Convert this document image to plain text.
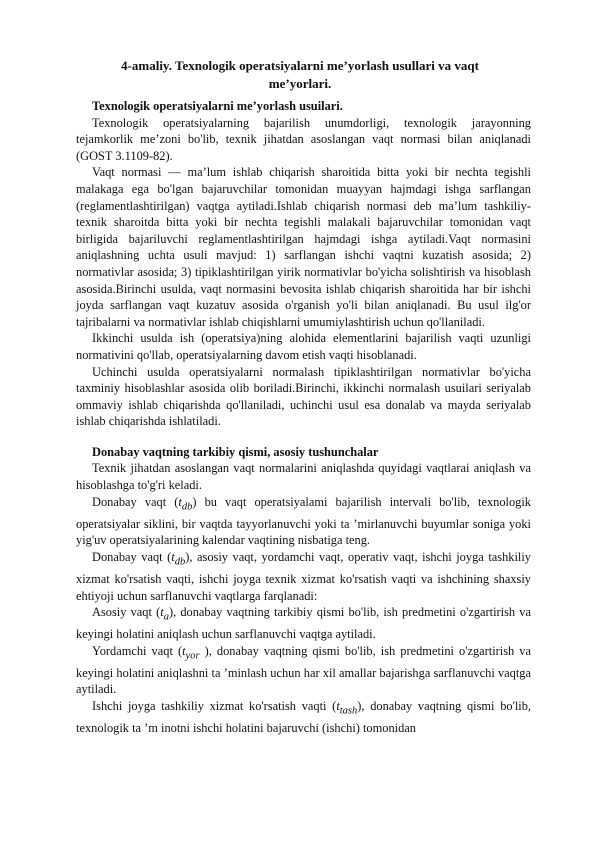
4-amaliy. Texnologik operatsiyalarni me’yorlash usullari va vaqt me’yorlari.

Texnologik operatsiyalarni me’yorlash usuilari.

Texnologik operatsiyalarning bajarilish unumdorligi, texnologik jarayonning tejamkorlik me’zoni bo'lib, texnik jihatdan asoslangan vaqt normasi bilan aniqlanadi (GOST 3.1109-82).

Vaqt normasi — ma’lum ishlab chiqarish sharoitida bitta yoki bir nechta tegishli malakaga ega bo'lgan bajaruvchilar tomonidan muayyan hajmdagi ishga sarflangan (reglamentlashtirilgan) vaqtga aytiladi.Ishlab chiqarish normasi deb ma’lum tashkiliy-texnik sharoitda bitta yoki bir nechta tegishli malakali bajaruvchilar tomonidan vaqt birligida bajariluvchi reglamentlashtirilgan hajmdagi ishga aytiladi.Vaqt normasini aniqlashning uchta usuli mavjud: 1) sarflangan ishchi vaqtni kuzatish asosida; 2) normativlar asosida; 3) tipiklashtirilgan yirik normativlar bo'yicha solishtirish va hisoblash asosida.Birinchi usulda, vaqt normasini bevosita ishlab chiqarish sharoitida har bir ishchi joyda sarflangan vaqt kuzatuv asosida o'rganish yo'li bilan aniqlanadi. Bu usul ilg'or tajribalarni va normativlar ishlab chiqishlarni umumiylashtirish uchun qo'llaniladi.

Ikkinchi usulda ish (operatsiya)ning alohida elementlarini bajarilish vaqti uzunligi normativini qo'llab, operatsiyalarning davom etish vaqti hisoblanadi.

Uchinchi usulda operatsiyalarni normalash tipiklashtirilgan normativlar bo'yicha taxminiy hisoblashlar asosida olib boriladi.Birinchi, ikkinchi normalash usuilari seriyalab ommaviy ishlab chiqarishda qo'llaniladi, uchinchi usul esa donalab va mayda seriyalab ishlab chiqarishda ishlatiladi.

Donabay vaqtning tarkibiy qismi, asosiy tushunchalar

Texnik jihatdan asoslangan vaqt normalarini aniqlashda quyidagi vaqtlarai aniqlash va hisoblashga to'g'ri keladi.

Donabay vaqt $(t_{db})$ bu vaqt operatsiyalami bajarilish intervali bo'lib, texnologik operatsiyalar siklini, bir vaqtda tayyorlanuvchi yoki ta ’mirlanuvchi buyumlar soniga yoki yig'uv operatsiyalarining kalendar vaqtining nisbatiga teng.

Donabay vaqt $(t_{db})$, asosiy vaqt, yordamchi vaqt, operativ vaqt, ishchi joyga tashkiliy xizmat ko'rsatish vaqti, ishchi joyga texnik xizmat ko'rsatish vaqti va ishchining shaxsiy ehtiyoji uchun sarflanuvchi vaqtlarga farqlanadi:

Asosiy vaqt $(t_a)$, donabay vaqtning tarkibiy qismi bo'lib, ish predmetini o'zgartirish va keyingi holatini aniqlash uchun sarflanuvchi vaqtga aytiladi.

Yordamchi vaqt ($t_{yor}$ ), donabay vaqtning qismi bo'lib, ish predmetini o'zgartirish va keyingi holatini aniqlashni ta ’minlash uchun har xil amallar bajarishga sarflanuvchi vaqtga aytiladi.

Ishchi joyga tashkiliy xizmat ko'rsatish vaqti $(t_{tash})$, donabay vaqtning qismi bo'lib, texnologik ta ’m inotni ishchi holatini bajaruvchi (ishchi) tomonidan
